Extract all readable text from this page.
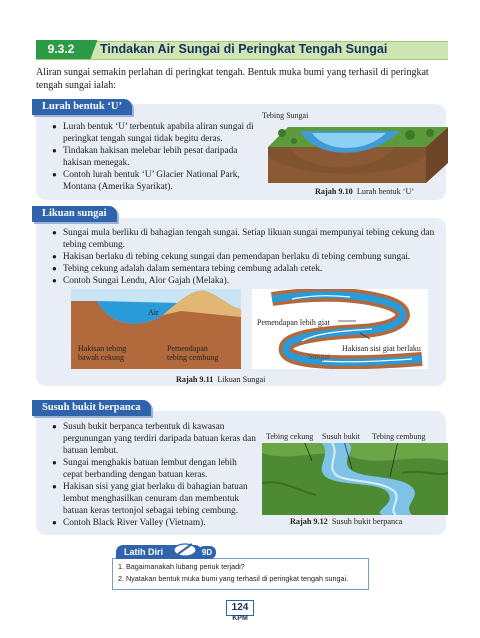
9.3.2	Tindakan Air Sungai di Peringkat Tengah Sungai
Aliran sungai semakin perlahan di peringkat tengah. Bentuk muka bumi yang terhasil di peringkat tengah sungai ialah:
Lurah bentuk ‘U’
● Lurah bentuk ‘U’ terbentuk apabila aliran sungai di peringkat tengah sungai tidak begitu deras.
● Tindakan hakisan melebar lebih pesat daripada hakisan menegak.
● Contoh lurah bentuk ‘U’ Glacier National Park, Montana (Amerika Syarikat).
Tebing Sungai
Rajah 9.10 Lurah bentuk ‘U’
Likuan sungai
● Sungai mula berliku di bahagian tengah sungai. Setiap likuan sungai mempunyai tebing cekung dan tebing cembung.
● Hakisan berlaku di tebing cekung sungai dan pemendapan berlaku di tebing cembung sungai.
● Tebing cekung adalah dalam sementara tebing cembung adalah cetek.
● Contoh Sungai Lendu, Alor Gajah (Melaka).
Air
Hakisan tebing
bawah cekung
Pemendapan
tebing cembung
Pemendapan lebih giat
Hakisan sisi giat berlaku
Sungai
Rajah 9.11 Likuan Sungai
Susuh bukit berpanca
● Susuh bukit berpanca terbentuk di kawasan pergunungan yang terdiri daripada batuan keras dan batuan lembut.
● Sungai menghakis batuan lembut dengan lebih cepat berbanding dengan batuan keras.
● Hakisan sisi yang giat berlaku di bahagian batuan lembut menghasilkan cenuram dan membentuk batuan keras tertonjol sebagai tebing cembung.
● Contoh Black River Valley (Vietnam).
Tebing cekung Susuh bukit Tebing cembung
Rajah 9.12 Susuh bukit berpanca
Latih Diri	9D
1. Bagaimanakah lubang periuk terjadi?
2. Nyatakan bentuk muka bumi yang terhasil di peringkat tengah sungai.
124
KPM
